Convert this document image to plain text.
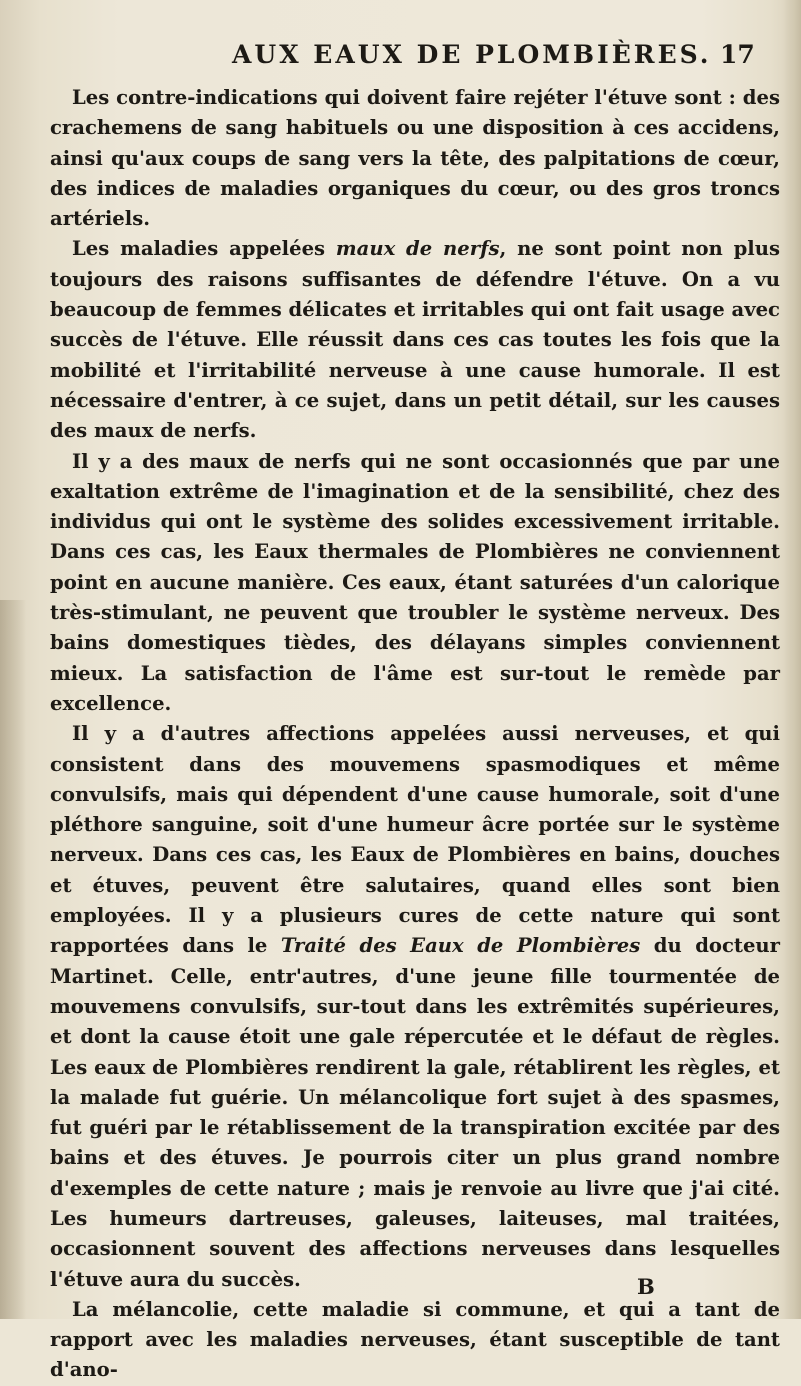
AUX EAUX DE PLOMBIÈRES. 17

Les contre-indications qui doivent faire rejéter l'étuve sont : des crachemens de sang habituels ou une disposition à ces accidens, ainsi qu'aux coups de sang vers la tête, des palpitations de cœur, des indices de maladies organiques du cœur, ou des gros troncs artériels.

Les maladies appelées maux de nerfs, ne sont point non plus toujours des raisons suffisantes de défendre l'étuve. On a vu beaucoup de femmes délicates et irritables qui ont fait usage avec succès de l'étuve. Elle réussit dans ces cas toutes les fois que la mobilité et l'irritabilité nerveuse à une cause humorale. Il est nécessaire d'entrer, à ce sujet, dans un petit détail, sur les causes des maux de nerfs.

Il y a des maux de nerfs qui ne sont occasionnés que par une exaltation extrême de l'imagination et de la sensibilité, chez des individus qui ont le système des solides excessivement irritable. Dans ces cas, les Eaux thermales de Plombières ne conviennent point en aucune manière. Ces eaux, étant saturées d'un calorique très-stimulant, ne peuvent que troubler le système nerveux. Des bains domestiques tièdes, des délayans simples conviennent mieux. La satisfaction de l'âme est sur-tout le remède par excellence.

Il y a d'autres affections appelées aussi nerveuses, et qui consistent dans des mouvemens spasmodiques et même convulsifs, mais qui dépendent d'une cause humorale, soit d'une pléthore sanguine, soit d'une humeur âcre portée sur le système nerveux. Dans ces cas, les Eaux de Plombières en bains, douches et étuves, peuvent être salutaires, quand elles sont bien employées. Il y a plusieurs cures de cette nature qui sont rapportées dans le Traité des Eaux de Plombières du docteur Martinet. Celle, entr'autres, d'une jeune fille tourmentée de mouvemens convulsifs, sur-tout dans les extrêmités supérieures, et dont la cause étoit une gale répercutée et le défaut de règles. Les eaux de Plombières rendirent la gale, rétablirent les règles, et la malade fut guérie. Un mélancolique fort sujet à des spasmes, fut guéri par le rétablissement de la transpiration excitée par des bains et des étuves. Je pourrois citer un plus grand nombre d'exemples de cette nature ; mais je renvoie au livre que j'ai cité. Les humeurs dartreuses, galeuses, laiteuses, mal traitées, occasionnent souvent des affections nerveuses dans lesquelles l'étuve aura du succès.

La mélancolie, cette maladie si commune, et qui a tant de rapport avec les maladies nerveuses, étant susceptible de tant d'ano-

B
